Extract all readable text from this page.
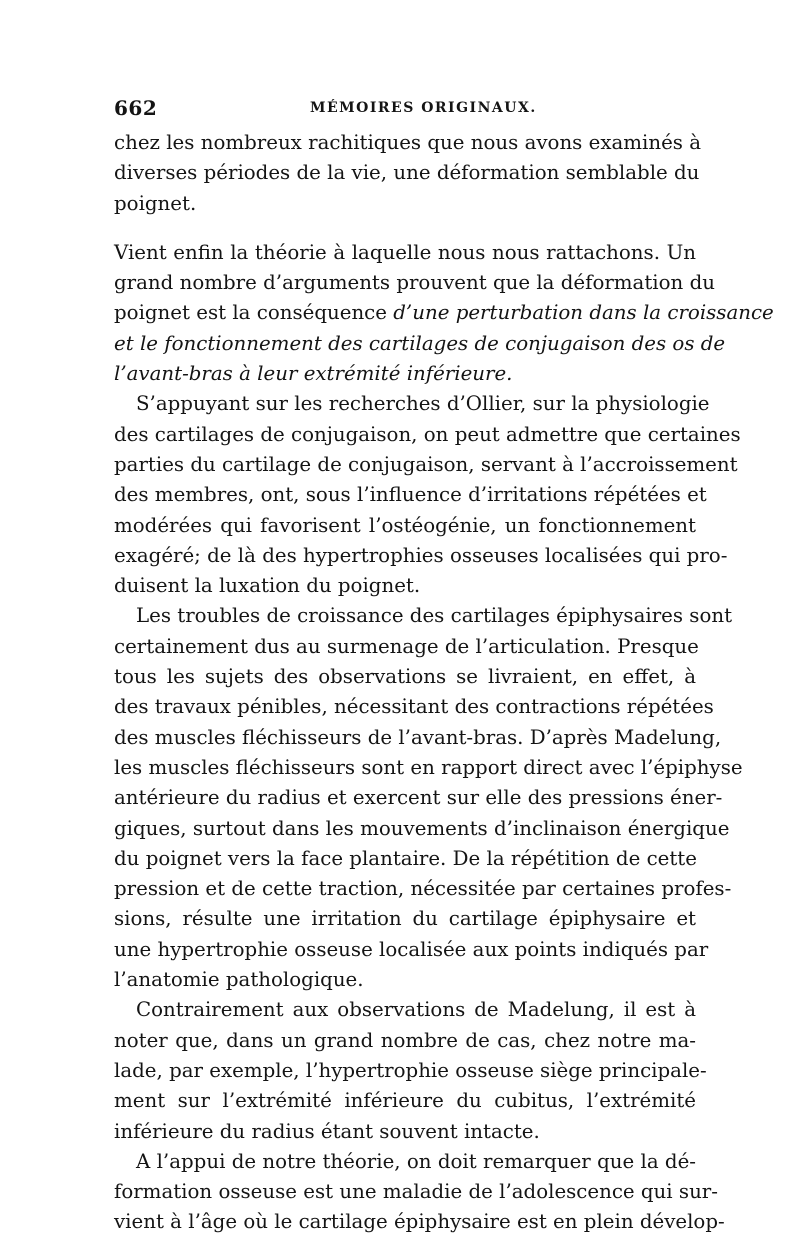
662	MÉMOIRES ORIGINAUX.
chez les nombreux rachitiques que nous avons examinés à
diverses périodes de la vie, une déformation semblable du
poignet.
Vient enfin la théorie à laquelle nous nous rattachons. Un
grand nombre d’arguments prouvent que la déformation du
poignet est la conséquence d’une perturbation dans la croissance
et le fonctionnement des cartilages de conjugaison des os de
l’avant-bras à leur extrémité inférieure.
S’appuyant sur les recherches d’Ollier, sur la physiologie
des cartilages de conjugaison, on peut admettre que certaines
parties du cartilage de conjugaison, servant à l’accroissement
des membres, ont, sous l’influence d’irritations répétées et
modérées qui favorisent l’ostéogénie, un fonctionnement
exagéré; de là des hypertrophies osseuses localisées qui pro-
duisent la luxation du poignet.
Les troubles de croissance des cartilages épiphysaires sont
certainement dus au surmenage de l’articulation. Presque
tous les sujets des observations se livraient, en effet, à
des travaux pénibles, nécessitant des contractions répétées
des muscles fléchisseurs de l’avant-bras. D’après Madelung,
les muscles fléchisseurs sont en rapport direct avec l’épiphyse
antérieure du radius et exercent sur elle des pressions éner-
giques, surtout dans les mouvements d’inclinaison énergique
du poignet vers la face plantaire. De la répétition de cette
pression et de cette traction, nécessitée par certaines profes-
sions, résulte une irritation du cartilage épiphysaire et
une hypertrophie osseuse localisée aux points indiqués par
l’anatomie pathologique.
Contrairement aux observations de Madelung, il est à
noter que, dans un grand nombre de cas, chez notre ma-
lade, par exemple, l’hypertrophie osseuse siège principale-
ment sur l’extrémité inférieure du cubitus, l’extrémité
inférieure du radius étant souvent intacte.
A l’appui de notre théorie, on doit remarquer que la dé-
formation osseuse est une maladie de l’adolescence qui sur-
vient à l’âge où le cartilage épiphysaire est en plein dévelop-
